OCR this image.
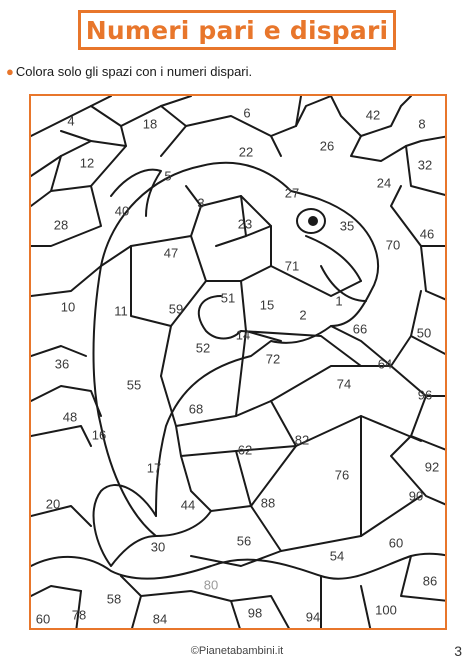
Numeri pari e dispari
● Colora solo gli spazi con i numeri dispari.
4	18
6	42
8
12
5
22	26
32
40
27
24
28
3
23	35
46
47
71
70
10	11	59
51 15
2
1
66	50
14
52
36	72	64
55	74
96
48
68
82
62
16
17	76
92
20	44	88	90
56	60
30
54
80	86
58
60 78	84	98	94	100
©Pianetabambini.it	3
